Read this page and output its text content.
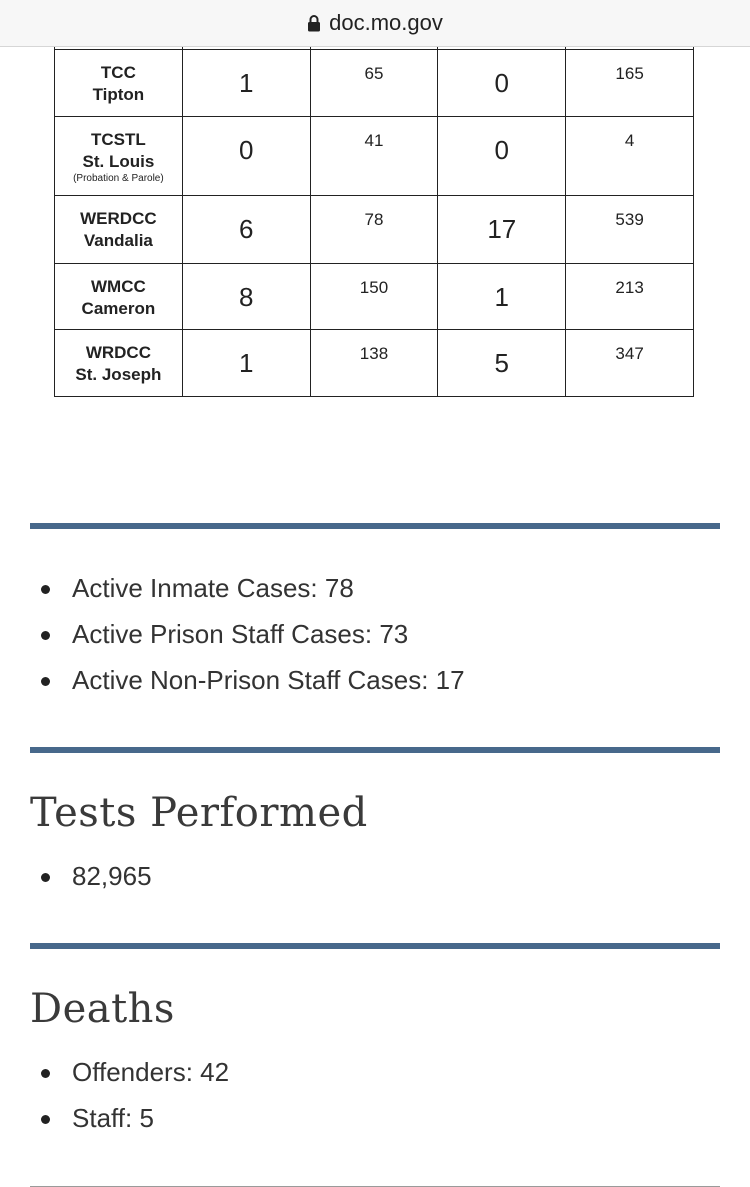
doc.mo.gov

TCC
Tipton	1	65	0	165

TCSTL
St. Louis
(Probation & Parole)	0	41	0	4

WERDCC
Vandalia	6	78	17	539

WMCC
Cameron	8	150	1	213

WRDCC
St. Joseph	1	138	5	347
Active Inmate Cases: 78
Active Prison Staff Cases: 73
Active Non-Prison Staff Cases: 17
Tests Performed
82,965
Deaths
Offenders: 42
Staff: 5
